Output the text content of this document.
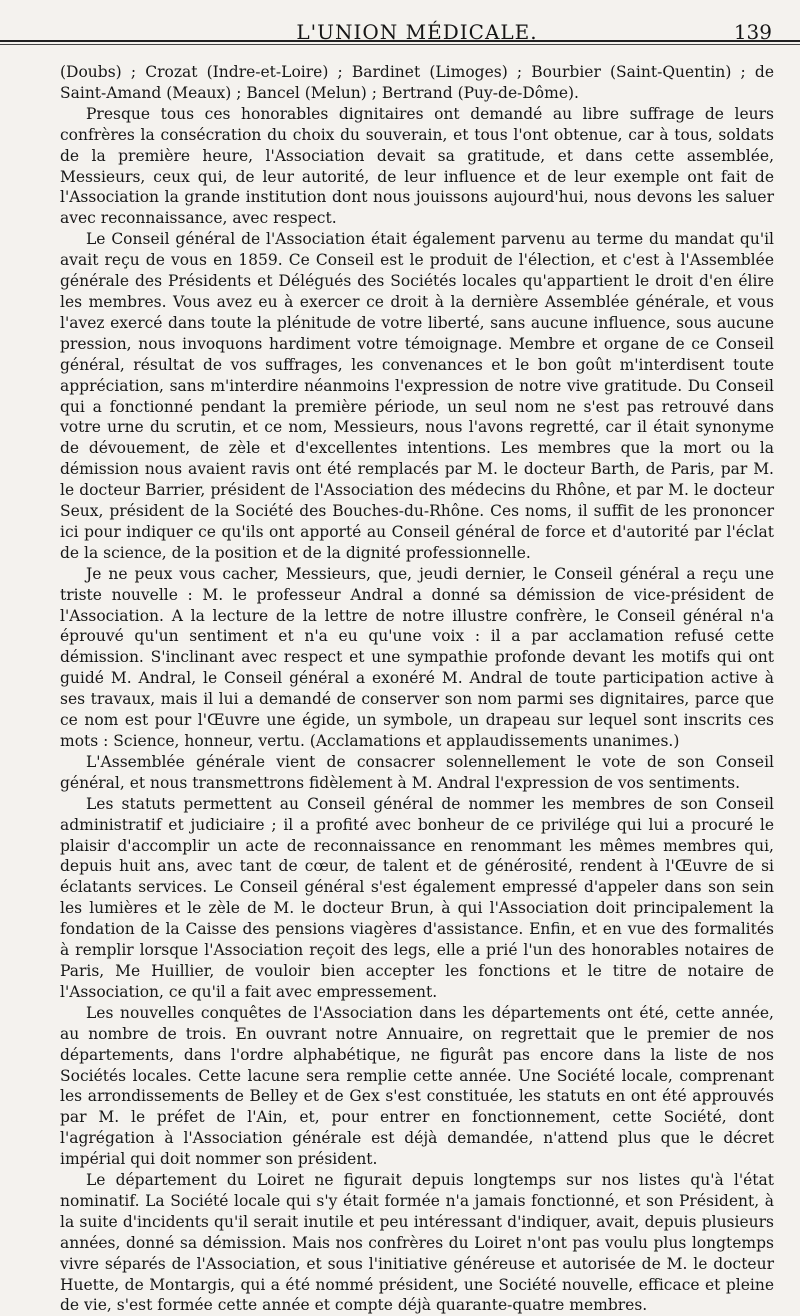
L'UNION MÉDICALE.	139

(Doubs) ; Crozat (Indre-et-Loire) ; Bardinet (Limoges) ; Bourbier (Saint-Quentin) ; de Saint-Amand (Meaux) ; Bancel (Melun) ; Bertrand (Puy-de-Dôme).

Presque tous ces honorables dignitaires ont demandé au libre suffrage de leurs confrères la consécration du choix du souverain, et tous l'ont obtenue, car à tous, soldats de la première heure, l'Association devait sa gratitude, et dans cette assemblée, Messieurs, ceux qui, de leur autorité, de leur influence et de leur exemple ont fait de l'Association la grande institution dont nous jouissons aujourd'hui, nous devons les saluer avec reconnaissance, avec respect.

Le Conseil général de l'Association était également parvenu au terme du mandat qu'il avait reçu de vous en 1859. Ce Conseil est le produit de l'élection, et c'est à l'Assemblée générale des Présidents et Délégués des Sociétés locales qu'appartient le droit d'en élire les membres. Vous avez eu à exercer ce droit à la dernière Assemblée générale, et vous l'avez exercé dans toute la plénitude de votre liberté, sans aucune influence, sous aucune pression, nous invoquons hardiment votre témoignage. Membre et organe de ce Conseil général, résultat de vos suffrages, les convenances et le bon goût m'interdisent toute appréciation, sans m'interdire néanmoins l'expression de notre vive gratitude. Du Conseil qui a fonctionné pendant la première période, un seul nom ne s'est pas retrouvé dans votre urne du scrutin, et ce nom, Messieurs, nous l'avons regretté, car il était synonyme de dévouement, de zèle et d'excellentes intentions. Les membres que la mort ou la démission nous avaient ravis ont été remplacés par M. le docteur Barth, de Paris, par M. le docteur Barrier, président de l'Association des médecins du Rhône, et par M. le docteur Seux, président de la Société des Bouches-du-Rhône. Ces noms, il suffit de les prononcer ici pour indiquer ce qu'ils ont apporté au Conseil général de force et d'autorité par l'éclat de la science, de la position et de la dignité professionnelle.

Je ne peux vous cacher, Messieurs, que, jeudi dernier, le Conseil général a reçu une triste nouvelle : M. le professeur Andral a donné sa démission de vice-président de l'Association. A la lecture de la lettre de notre illustre confrère, le Conseil général n'a éprouvé qu'un sentiment et n'a eu qu'une voix : il a par acclamation refusé cette démission. S'inclinant avec respect et une sympathie profonde devant les motifs qui ont guidé M. Andral, le Conseil général a exonéré M. Andral de toute participation active à ses travaux, mais il lui a demandé de conserver son nom parmi ses dignitaires, parce que ce nom est pour l'Œuvre une égide, un symbole, un drapeau sur lequel sont inscrits ces mots : Science, honneur, vertu. (Acclamations et applaudissements unanimes.)

L'Assemblée générale vient de consacrer solennellement le vote de son Conseil général, et nous transmettrons fidèlement à M. Andral l'expression de vos sentiments.

Les statuts permettent au Conseil général de nommer les membres de son Conseil administratif et judiciaire ; il a profité avec bonheur de ce privilége qui lui a procuré le plaisir d'accomplir un acte de reconnaissance en renommant les mêmes membres qui, depuis huit ans, avec tant de cœur, de talent et de générosité, rendent à l'Œuvre de si éclatants services. Le Conseil général s'est également empressé d'appeler dans son sein les lumières et le zèle de M. le docteur Brun, à qui l'Association doit principalement la fondation de la Caisse des pensions viagères d'assistance. Enfin, et en vue des formalités à remplir lorsque l'Association reçoit des legs, elle a prié l'un des honorables notaires de Paris, Me Huillier, de vouloir bien accepter les fonctions et le titre de notaire de l'Association, ce qu'il a fait avec empressement.

Les nouvelles conquêtes de l'Association dans les départements ont été, cette année, au nombre de trois. En ouvrant notre Annuaire, on regrettait que le premier de nos départements, dans l'ordre alphabétique, ne figurât pas encore dans la liste de nos Sociétés locales. Cette lacune sera remplie cette année. Une Société locale, comprenant les arrondissements de Belley et de Gex s'est constituée, les statuts en ont été approuvés par M. le préfet de l'Ain, et, pour entrer en fonctionnement, cette Société, dont l'agrégation à l'Association générale est déjà demandée, n'attend plus que le décret impérial qui doit nommer son président.

Le département du Loiret ne figurait depuis longtemps sur nos listes qu'à l'état nominatif. La Société locale qui s'y était formée n'a jamais fonctionné, et son Président, à la suite d'incidents qu'il serait inutile et peu intéressant d'indiquer, avait, depuis plusieurs années, donné sa démission. Mais nos confrères du Loiret n'ont pas voulu plus longtemps vivre séparés de l'Association, et sous l'initiative généreuse et autorisée de M. le docteur Huette, de Montargis, qui a été nommé président, une Société nouvelle, efficace et pleine de vie, s'est formée cette année et compte déjà quarante-quatre membres.
